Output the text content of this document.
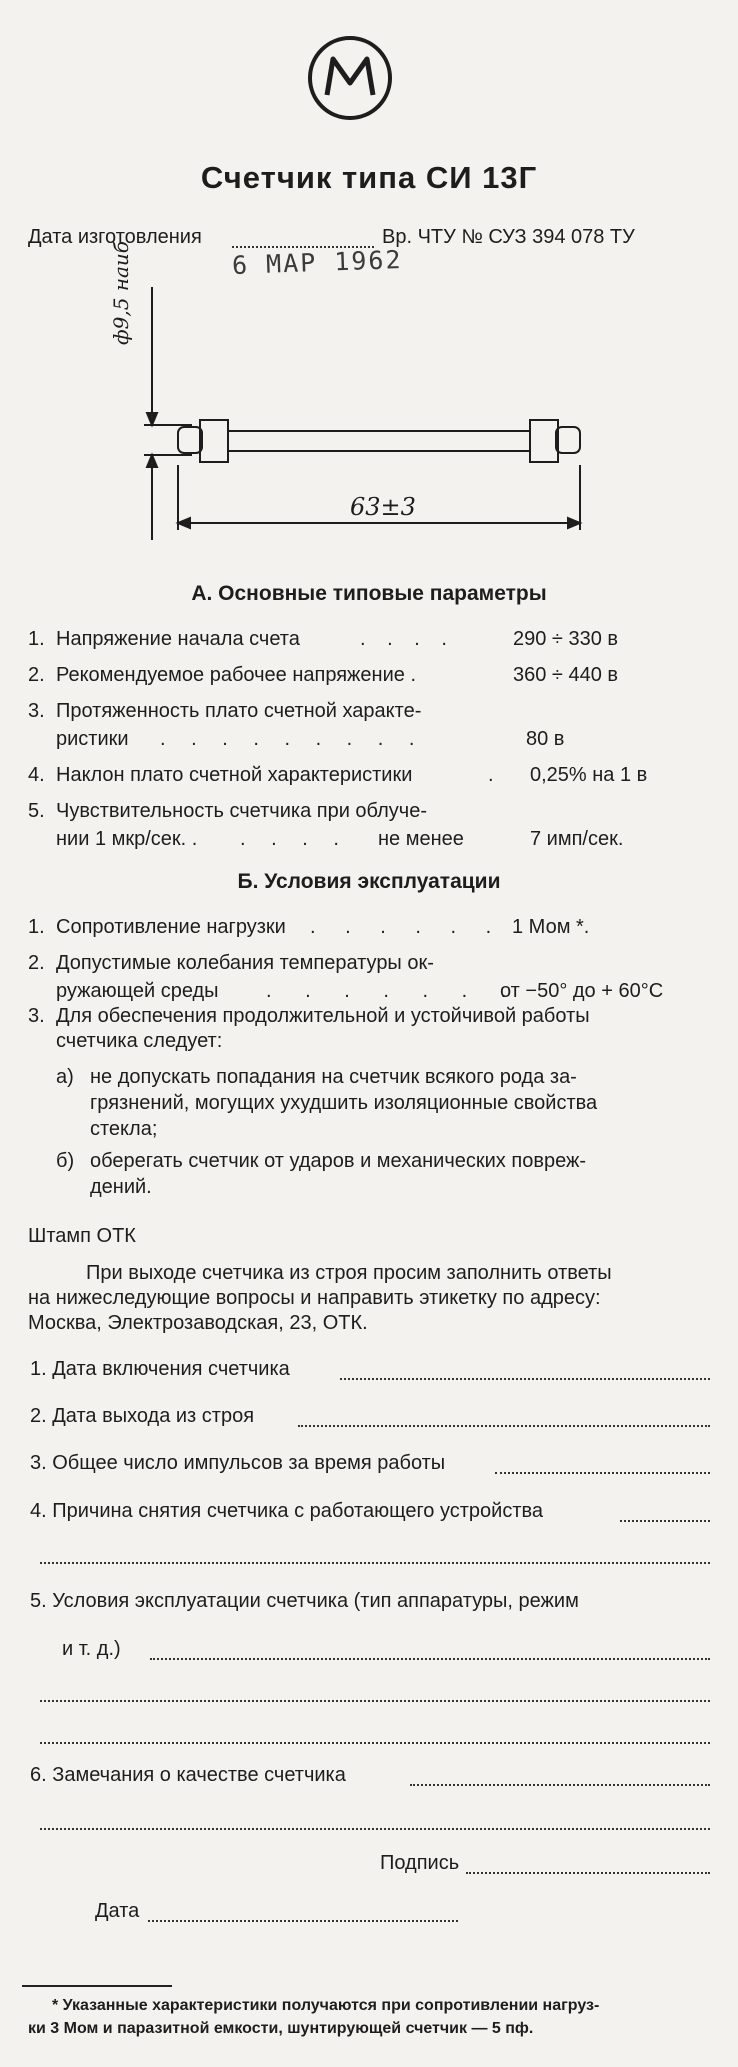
Счетчик типа СИ 13Г
Дата изготовления	Вр. ЧТУ № СУЗ 394 078 ТУ
6 МАР 1962
ф9,5 наиб
63±3
А. Основные типовые параметры
1. Напряжение начала счета	. . . .	290 ÷ 330 в
2. Рекомендуемое рабочее напряжение .	360 ÷ 440 в
3. Протяженность плато счетной характе-
ристики . . . . . . . . .	80 в
4. Наклон плато счетной характеристики	. 0,25% на 1 в
5. Чувствительность счетчика при облуче-
нии 1 мкр/сек. . . . . . не менее	7 имп/сек.
Б. Условия эксплуатации
1. Сопротивление нагрузки . . . . . . 1 Мом *.
2. Допустимые колебания температуры ок-
ружающей среды . . . . . . .
от −50° до + 60°С
3. Для обеспечения продолжительной и устойчивой работы
счетчика следует:
а) не допускать попадания на счетчик всякого рода за-
грязнений, могущих ухудшить изоляционные свойства
стекла;
б) оберегать счетчик от ударов и механических повреж-
дений.
Штамп ОТК
При выходе счетчика из строя просим заполнить ответы
на нижеследующие вопросы и направить этикетку по адресу:
Москва, Электрозаводская, 23, ОТК.
1. Дата включения счетчика
2. Дата выхода из строя
3. Общее число импульсов за время работы
4. Причина снятия счетчика с работающего устройства
5. Условия эксплуатации счетчика (тип аппаратуры, режим
и т. д.)
6. Замечания о качестве счетчика
Подпись
Дата
* Указанные характеристики получаются при сопротивлении нагруз-
ки 3 Мом и паразитной емкости, шунтирующей счетчик — 5 пф.
